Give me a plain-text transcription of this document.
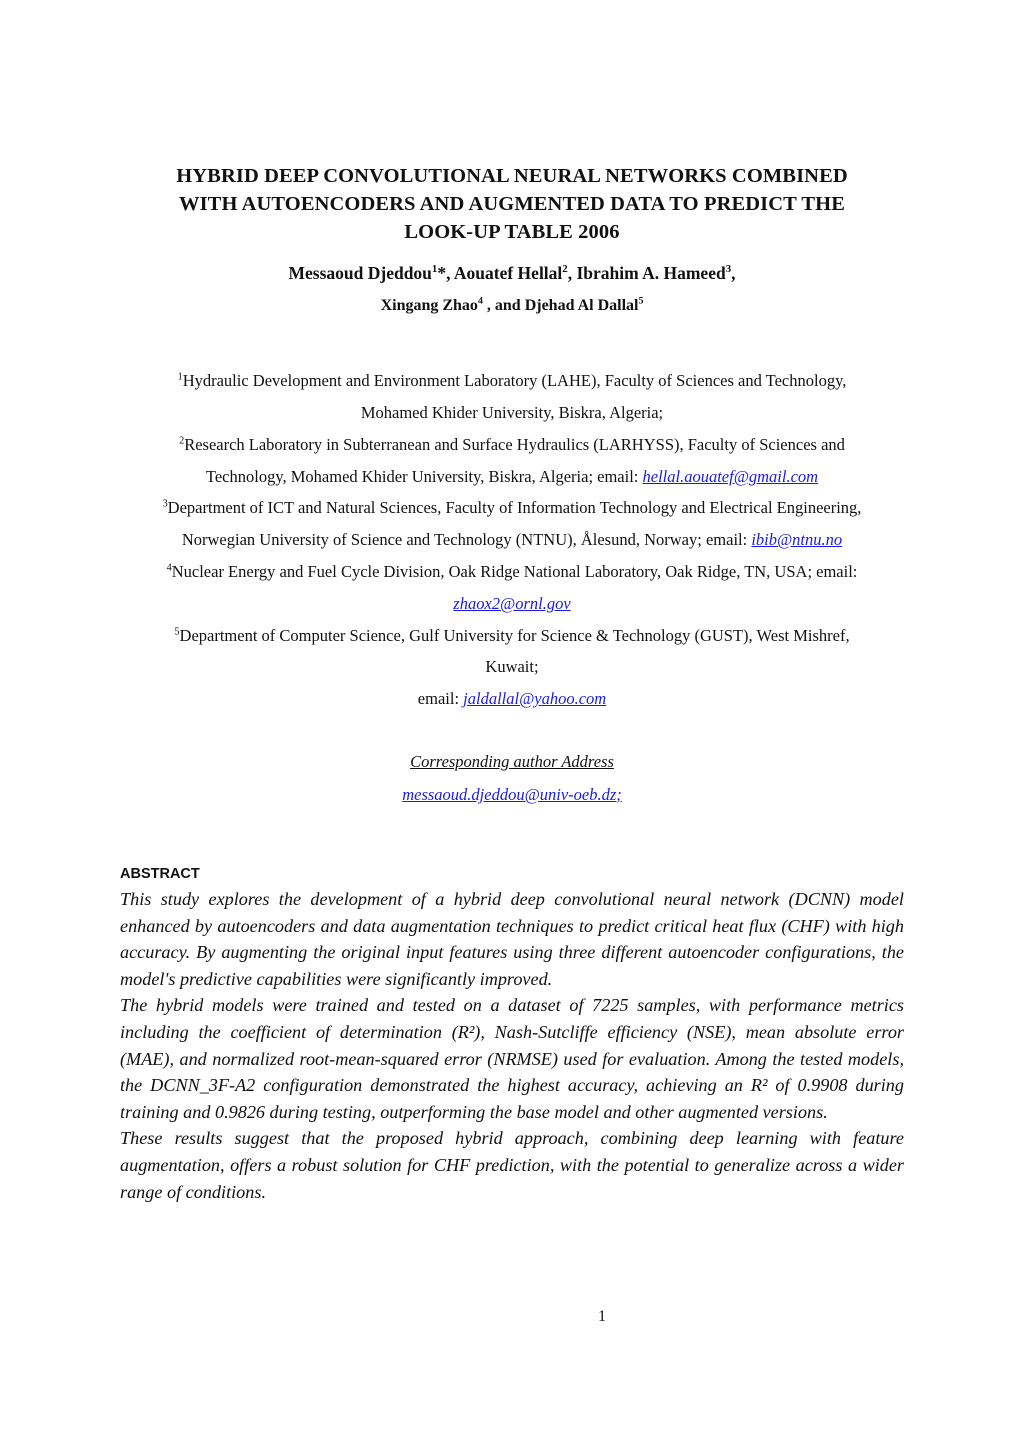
HYBRID DEEP CONVOLUTIONAL NEURAL NETWORKS COMBINED
WITH AUTOENCODERS AND AUGMENTED DATA TO PREDICT THE
LOOK-UP TABLE 2006
Messaoud Djeddou$^1$*, Aouatef Hellal$^2$, Ibrahim A. Hameed$^3$,
Xingang Zhao$^4$ , and Djehad Al Dallal$^5$
$^1$Hydraulic Development and Environment Laboratory (LAHE), Faculty of Sciences and Technology,
Mohamed Khider University, Biskra, Algeria;
$^2$Research Laboratory in Subterranean and Surface Hydraulics (LARHYSS), Faculty of Sciences and
Technology, Mohamed Khider University, Biskra, Algeria; email: hellal.aouatef@gmail.com
$^3$Department of ICT and Natural Sciences, Faculty of Information Technology and Electrical Engineering,
Norwegian University of Science and Technology (NTNU), Ålesund, Norway; email: ibib@ntnu.no
$^4$Nuclear Energy and Fuel Cycle Division, Oak Ridge National Laboratory, Oak Ridge, TN, USA; email:
zhaox2@ornl.gov
$^5$Department of Computer Science, Gulf University for Science & Technology (GUST), West Mishref,
Kuwait;
email: jaldallal@yahoo.com
Corresponding author Address
messaoud.djeddou@univ-oeb.dz;
ABSTRACT

This study explores the development of a hybrid deep convolutional neural network (DCNN) model enhanced by autoencoders and data augmentation techniques to predict critical heat flux (CHF) with high accuracy. By augmenting the original input features using three different autoencoder configurations, the model's predictive capabilities were significantly improved.

The hybrid models were trained and tested on a dataset of 7225 samples, with performance metrics including the coefficient of determination (R²), Nash-Sutcliffe efficiency (NSE), mean absolute error (MAE), and normalized root-mean-squared error (NRMSE) used for evaluation. Among the tested models, the DCNN_3F-A2 configuration demonstrated the highest accuracy, achieving an R² of 0.9908 during training and 0.9826 during testing, outperforming the base model and other augmented versions.

These results suggest that the proposed hybrid approach, combining deep learning with feature augmentation, offers a robust solution for CHF prediction, with the potential to generalize across a wider range of conditions.

1
